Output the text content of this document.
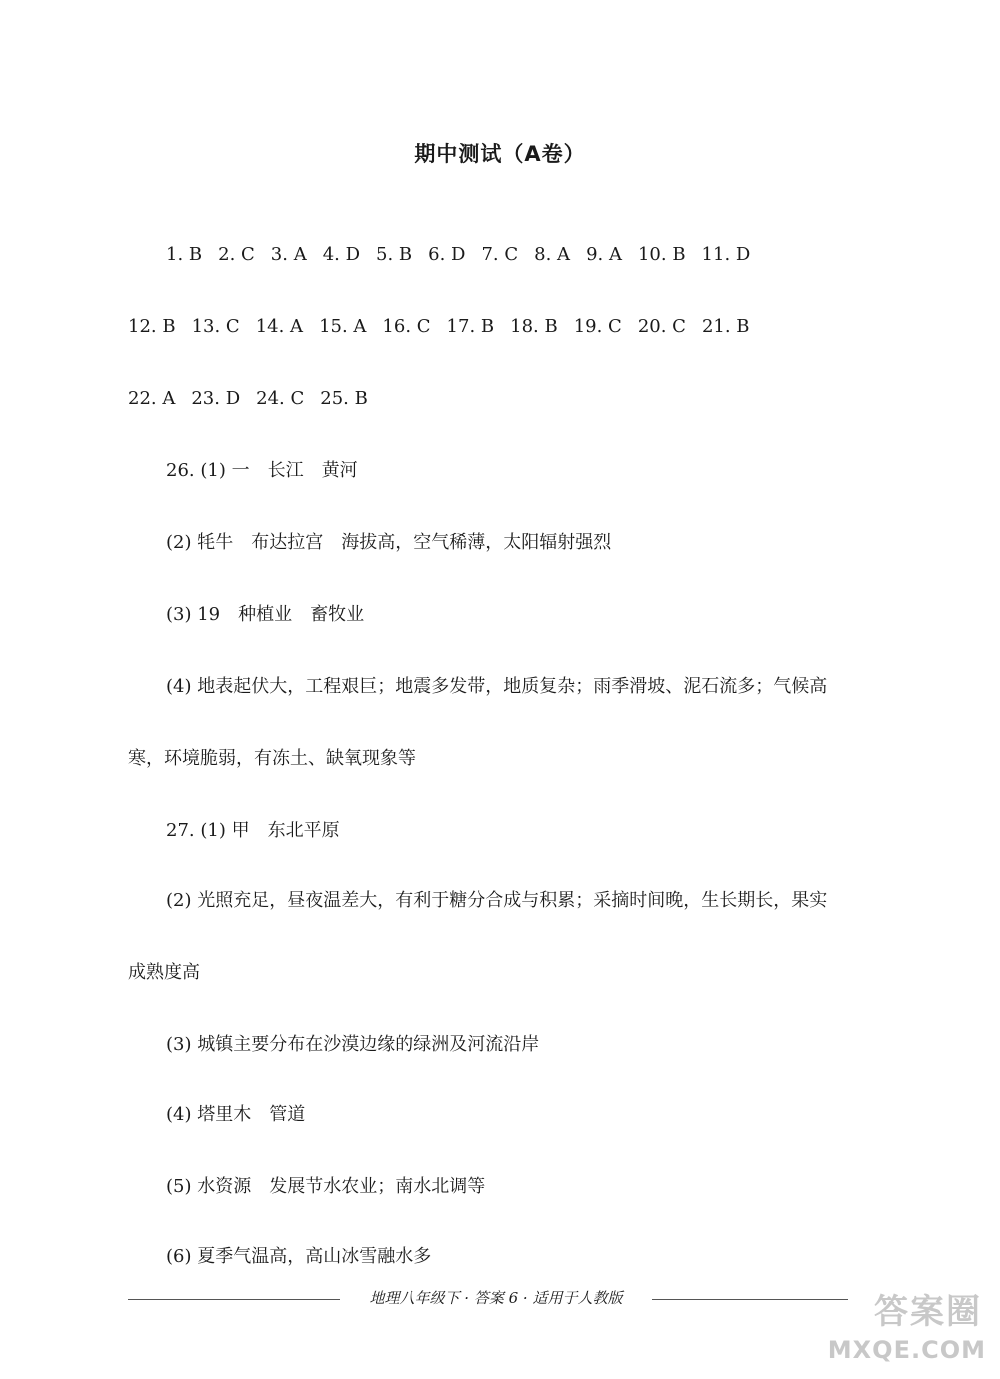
期中测试（A卷）
1. B 2. C 3. A 4. D 5. B 6. D 7. C 8. A 9. A 10. B 11. D
12. B 13. C 14. A 15. A 16. C 17. B 18. B 19. C 20. C 21. B
22. A 23. D 24. C 25. B
26. (1) 一　长江　黄河
(2) 牦牛　布达拉宫　海拔高，空气稀薄，太阳辐射强烈
(3) 19　种植业　畜牧业
(4) 地表起伏大，工程艰巨；地震多发带，地质复杂；雨季滑坡、泥石流多；气候高
寒，环境脆弱，有冻土、缺氧现象等
27. (1) 甲　东北平原
(2) 光照充足，昼夜温差大，有利于糖分合成与积累；采摘时间晚，生长期长，果实
成熟度高
(3) 城镇主要分布在沙漠边缘的绿洲及河流沿岸
(4) 塔里木　管道
(5) 水资源　发展节水农业；南水北调等
(6) 夏季气温高，高山冰雪融水多
地理八年级下 · 答案 6 · 适用于人教版	答案圈
MXQE.COM
